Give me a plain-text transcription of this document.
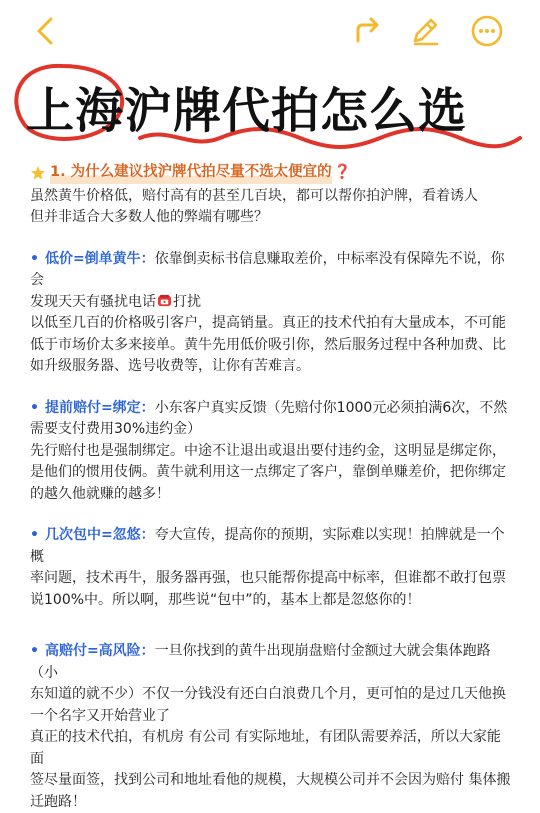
上海沪牌代拍怎么选
1. 为什么建议找沪牌代拍尽量不选太便宜的 ❓

虽然黄牛价格低，赔付高有的甚至几百块，都可以帮你拍沪牌，看着诱人

但并非适合大多数人他的弊端有哪些？

• 低价=倒单黄牛：依靠倒卖标书信息赚取差价，中标率没有保障先不说，你会

发现天天有骚扰电话 打扰

以低至几百的价格吸引客户，提高销量。真正的技术代拍有大量成本，不可能

低于市场价太多来接单。黄牛先用低价吸引你，然后服务过程中各种加费、比

如升级服务器、选号收费等，让你有苦难言。

• 提前赔付=绑定：小东客户真实反馈（先赔付你1000元必须拍满6次，不然

需要支付费用30%违约金）

先行赔付也是强制绑定。中途不让退出或退出要付违约金，这明显是绑定你，

是他们的惯用伎俩。黄牛就利用这一点绑定了客户，靠倒单赚差价，把你绑定

的越久他就赚的越多！

• 几次包中=忽悠：夸大宣传，提高你的预期，实际难以实现！拍牌就是一个概

率问题，技术再牛，服务器再强，也只能帮你提高中标率，但谁都不敢打包票

说100%中。所以啊，那些说“包中”的，基本上都是忽悠你的！

• 高赔付=高风险：一旦你找到的黄牛出现崩盘赔付金额过大就会集体跑路（小

东知道的就不少）不仅一分钱没有还白白浪费几个月，更可怕的是过几天他换

一个名字又开始营业了

真正的技术代拍，有机房 有公司 有实际地址，有团队需要养活，所以大家能面

签尽量面签，找到公司和地址看他的规模，大规模公司并不会因为赔付 集体搬

迁跑路！
